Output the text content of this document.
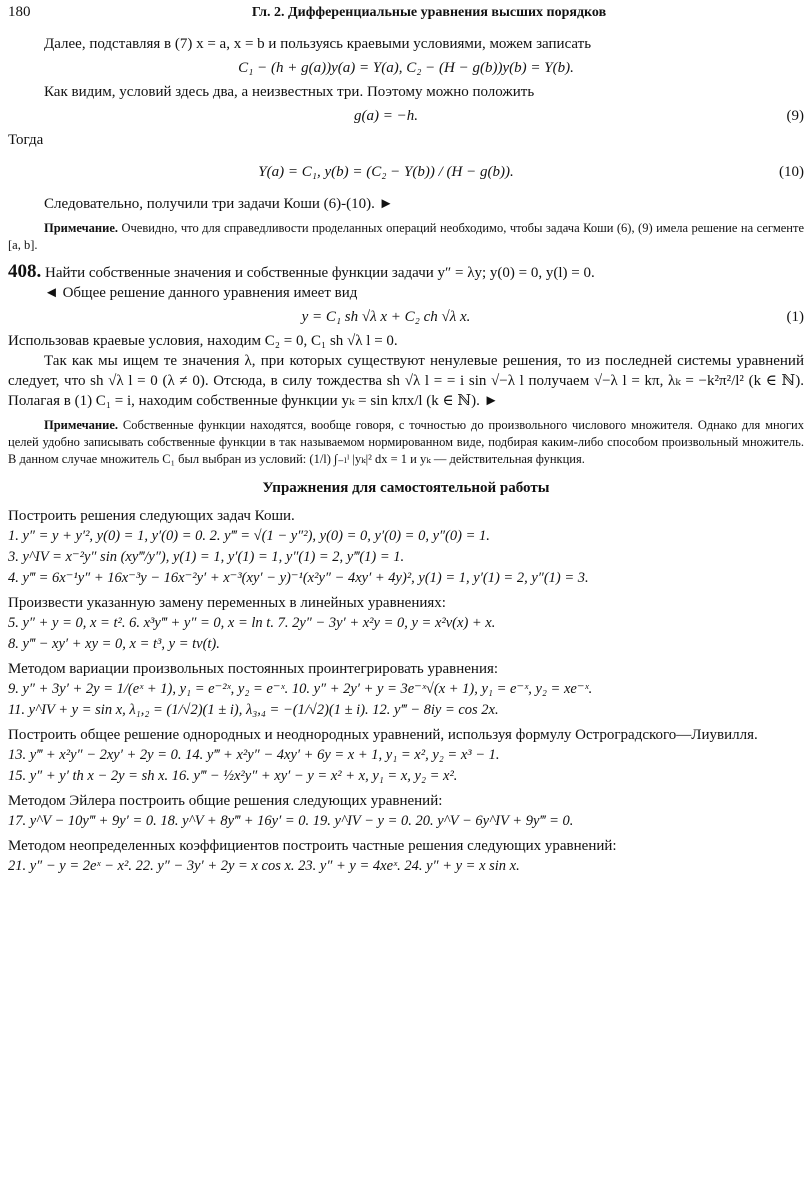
180	Гл. 2. Дифференциальные уравнения высших порядков

Далее, подставляя в (7) x = a, x = b и пользуясь краевыми условиями, можем записать

C₁ − (h + g(a))y(a) = Y(a), C₂ − (H − g(b))y(b) = Y(b).

Как видим, условий здесь два, а неизвестных три. Поэтому можно положить

g(a) = −h.	(9)

Тогда

Y(a) = C₁, y(b) = (C₂ − Y(b)) / (H − g(b)).	(10)

Следовательно, получили три задачи Коши (6)-(10). ►

Примечание. Очевидно, что для справедливости проделанных операций необходимо, чтобы задача Коши (6), (9) имела решение на сегменте [a, b].

408. Найти собственные значения и собственные функции задачи y″ = λy; y(0) = 0, y(l) = 0.

◄ Общее решение данного уравнения имеет вид

y = C₁ sh √λ x + C₂ ch √λ x.	(1)

Использовав краевые условия, находим C₂ = 0, C₁ sh √λ l = 0.

Так как мы ищем те значения λ, при которых существуют ненулевые решения, то из последней системы уравнений следует, что sh √λ l = 0 (λ ≠ 0). Отсюда, в силу тождества sh √λ l = = i sin √−λ l получаем √−λ l = kπ, λₖ = −k²π²/l² (k ∈ ℕ). Полагая в (1) C₁ = i, находим собственные функции yₖ = sin kπx/l (k ∈ ℕ). ►

Примечание. Собственные функции находятся, вообще говоря, с точностью до произвольного числового множителя. Однако для многих целей удобно записывать собственные функции в так называемом нормированном виде, подбирая каким-либо способом произвольный множитель. В данном случае множитель C₁ был выбран из условий: (1/l) ∫₋ₗˡ |yₖ|² dx = 1 и yₖ — действительная функция.

Упражнения для самостоятельной работы

Построить решения следующих задач Коши.

1. y″ = y + y′², y(0) = 1, y′(0) = 0. 2. y‴ = √(1 − y″²), y(0) = 0, y′(0) = 0, y″(0) = 1.

3. y^IV = x⁻²y″ sin (xy‴/y″), y(1) = 1, y′(1) = 1, y″(1) = 2, y‴(1) = 1.

4. y‴ = 6x⁻¹y″ + 16x⁻³y − 16x⁻²y′ + x⁻³(xy′ − y)⁻¹(x²y″ − 4xy′ + 4y)², y(1) = 1, y′(1) = 2, y″(1) = 3.

Произвести указанную замену переменных в линейных уравнениях:

5. y″ + y = 0, x = t². 6. x³y‴ + y″ = 0, x = ln t. 7. 2y″ − 3y′ + x²y = 0, y = x²v(x) + x.

8. y‴ − xy′ + xy = 0, x = t³, y = tv(t).

Методом вариации произвольных постоянных проинтегрировать уравнения:

9. y″ + 3y′ + 2y = 1/(eˣ + 1), y₁ = e⁻²ˣ, y₂ = e⁻ˣ. 10. y″ + 2y′ + y = 3e⁻ˣ√(x + 1), y₁ = e⁻ˣ, y₂ = xe⁻ˣ.

11. y^IV + y = sin x, λ₁,₂ = (1/√2)(1 ± i), λ₃,₄ = −(1/√2)(1 ± i). 12. y‴ − 8iy = cos 2x.

Построить общее решение однородных и неоднородных уравнений, используя формулу Остроградского—Лиувилля.

13. y‴ + x²y″ − 2xy′ + 2y = 0. 14. y‴ + x²y″ − 4xy′ + 6y = x + 1, y₁ = x², y₂ = x³ − 1.

15. y″ + y′ th x − 2y = sh x. 16. y‴ − ½x²y″ + xy′ − y = x² + x, y₁ = x, y₂ = x².

Методом Эйлера построить общие решения следующих уравнений:

17. y^V − 10y‴ + 9y′ = 0. 18. y^V + 8y‴ + 16y′ = 0. 19. y^IV − y = 0. 20. y^V − 6y^IV + 9y‴ = 0.

Методом неопределенных коэффициентов построить частные решения следующих уравнений:

21. y″ − y = 2eˣ − x². 22. y″ − 3y′ + 2y = x cos x. 23. y″ + y = 4xeˣ. 24. y″ + y = x sin x.
